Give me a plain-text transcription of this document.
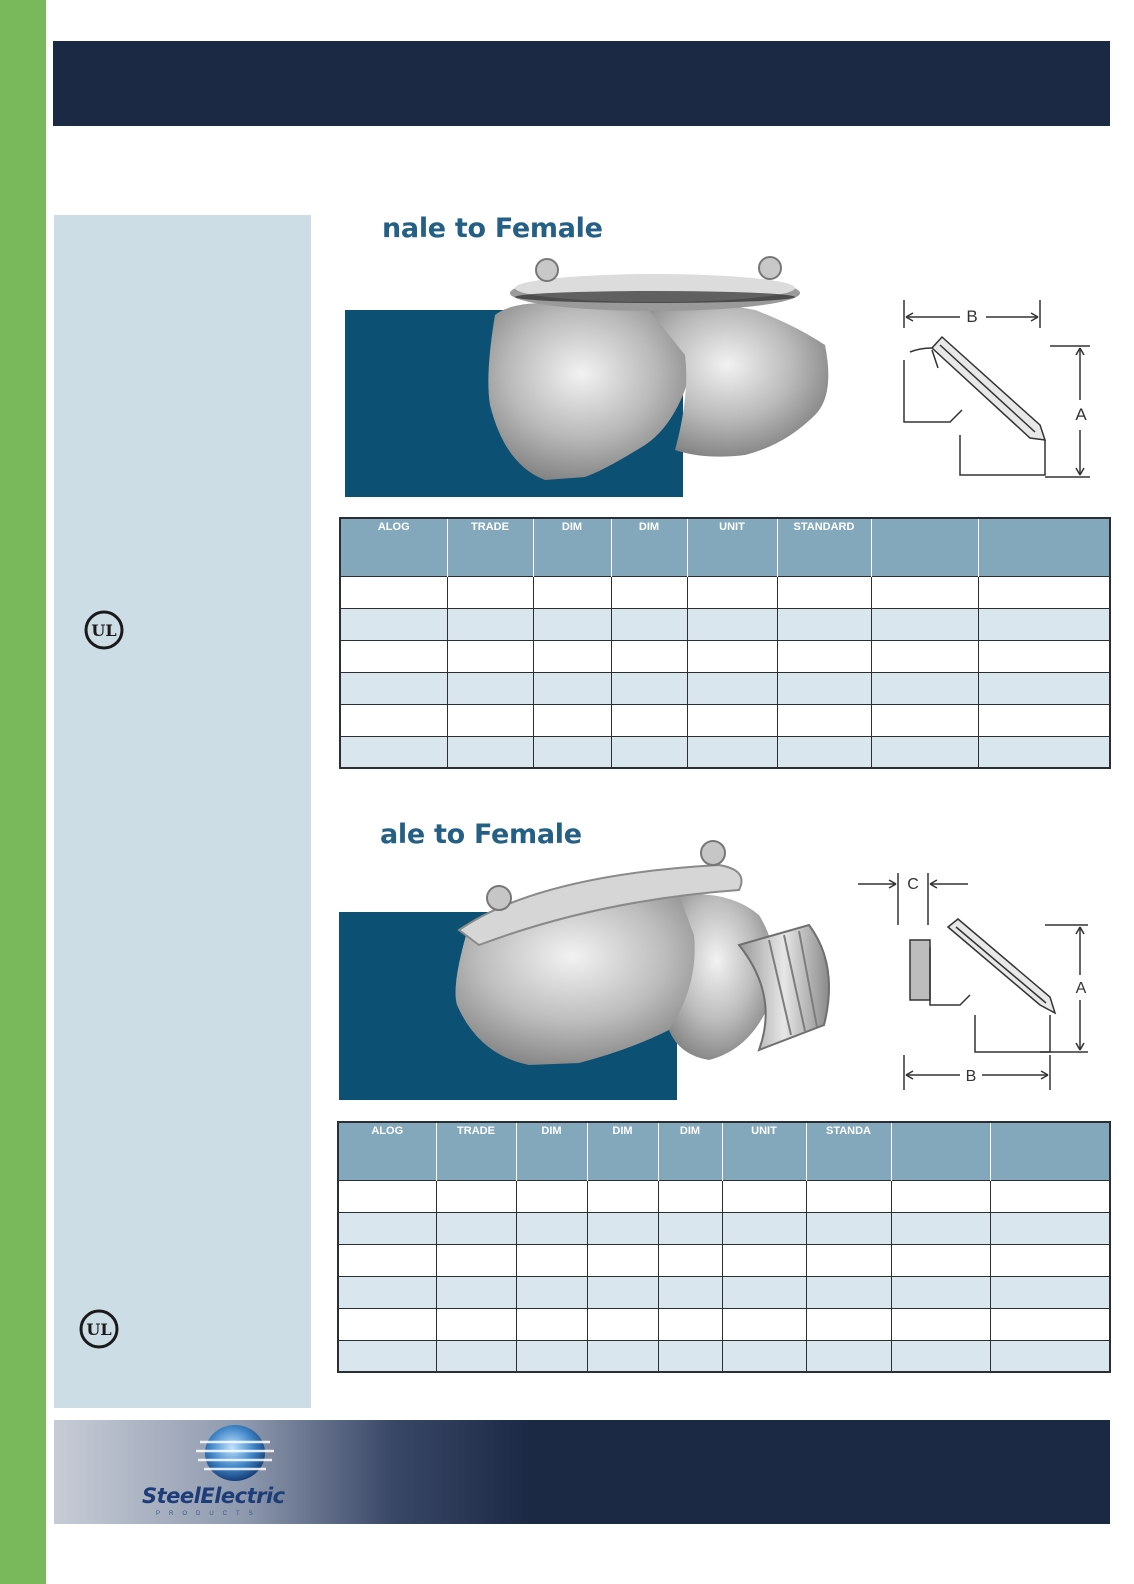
UL
UL
nale to Female
B
A
ALOG	TRADE	DIM	DIM	UNIT	STANDARD		

ale to Female
C
A
B
ALOG	TRADE	DIM	DIM	DIM	UNIT	STANDA		

SteelElectric
PRODUCTS
